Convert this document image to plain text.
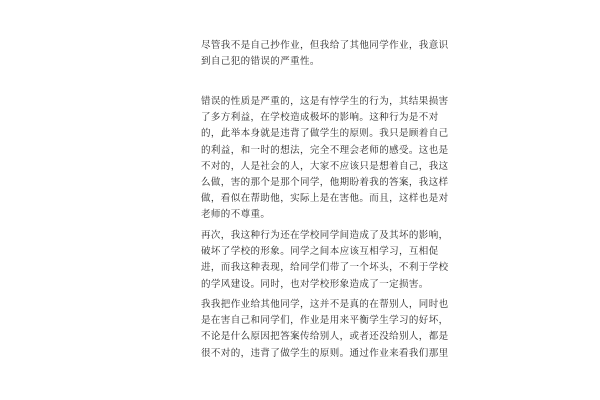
尽管我不是自己抄作业，但我给了其他同学作业，我意识
到自己犯的错误的严重性。
错误的性质是严重的，这是有悖学生的行为，其结果损害
了多方利益，在学校造成极坏的影响。这种行为是不对
的，此举本身就是违背了做学生的原则。我只是顾着自己
的利益，和一时的想法，完全不理会老师的感受。这也是
不对的，人是社会的人，大家不应该只是想着自己，我这
么做，害的那个是那个同学，他期盼着我的答案，我这样
做，看似在帮助他，实际上是在害他。而且，这样也是对
老师的不尊重。
再次，我这种行为还在学校同学间造成了及其坏的影响，
破坏了学校的形象。同学之间本应该互相学习，互相促
进，而我这种表现，给同学们带了一个坏头，不利于学校
的学风建设。同时，也对学校形象造成了一定损害。
我我把作业给其他同学，这并不是真的在帮别人，同时也
是在害自己和同学们，作业是用来平衡学生学习的好坏，
不论是什么原因把答案传给别人，或者还没给别人，都是
很不对的，违背了做学生的原则。通过作业来看我们那里
